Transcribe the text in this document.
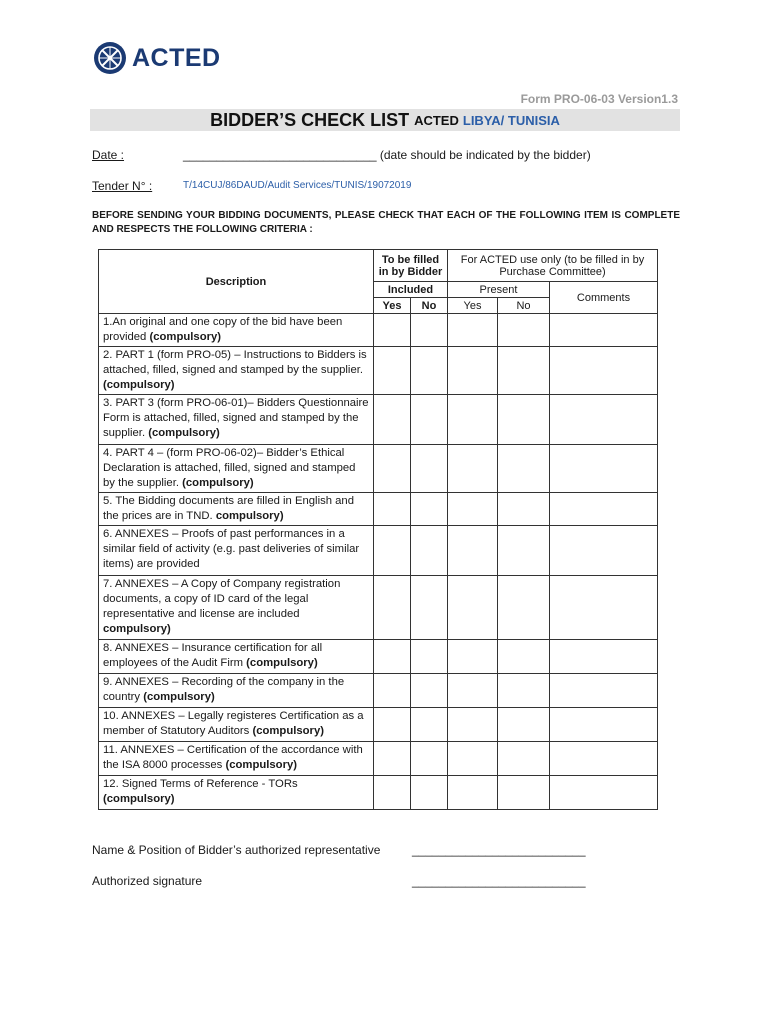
ACTED
Form PRO-06-03 Version1.3
BIDDER’S CHECK LIST ACTED LIBYA/ TUNISIA
Date :	_____________________________ (date should be indicated by the bidder)
Tender N° :	T/14CUJ/86DAUD/Audit Services/TUNIS/19072019
BEFORE SENDING YOUR BIDDING DOCUMENTS, PLEASE CHECK THAT EACH OF THE FOLLOWING ITEM IS COMPLETE AND RESPECTS THE FOLLOWING CRITERIA :
Description	To be filled in by Bidder		For ACTED use only (to be filled in by Purchase Committee)		
	Included		Present		Comments
	Yes	No	Yes	No	
1.An original and one copy of the bid have been provided (compulsory)					
2. PART 1 (form PRO-05) – Instructions to Bidders is attached, filled, signed and stamped by the supplier. (compulsory)					
3. PART 3 (form PRO-06-01)– Bidders Questionnaire Form is attached, filled, signed and stamped by the supplier. (compulsory)					
4. PART 4 – (form PRO-06-02)– Bidder’s Ethical Declaration is attached, filled, signed and stamped by the supplier. (compulsory)					
5. The Bidding documents are filled in English and the prices are in TND. compulsory)					
6. ANNEXES – Proofs of past performances in a similar field of activity (e.g. past deliveries of similar items) are provided					
7. ANNEXES – A Copy of Company registration documents, a copy of ID card of the legal representative and license are included compulsory)					
8. ANNEXES – Insurance certification for all employees of the Audit Firm (compulsory)					
9. ANNEXES – Recording of the company in the country (compulsory)					
10. ANNEXES – Legally registeres Certification as a member of Statutory Auditors (compulsory)					
11. ANNEXES – Certification of the accordance with the ISA 8000 processes (compulsory)					
12. Signed Terms of Reference - TORs (compulsory)					
Name & Position of Bidder’s authorized representative	__________________________
Authorized signature	__________________________
